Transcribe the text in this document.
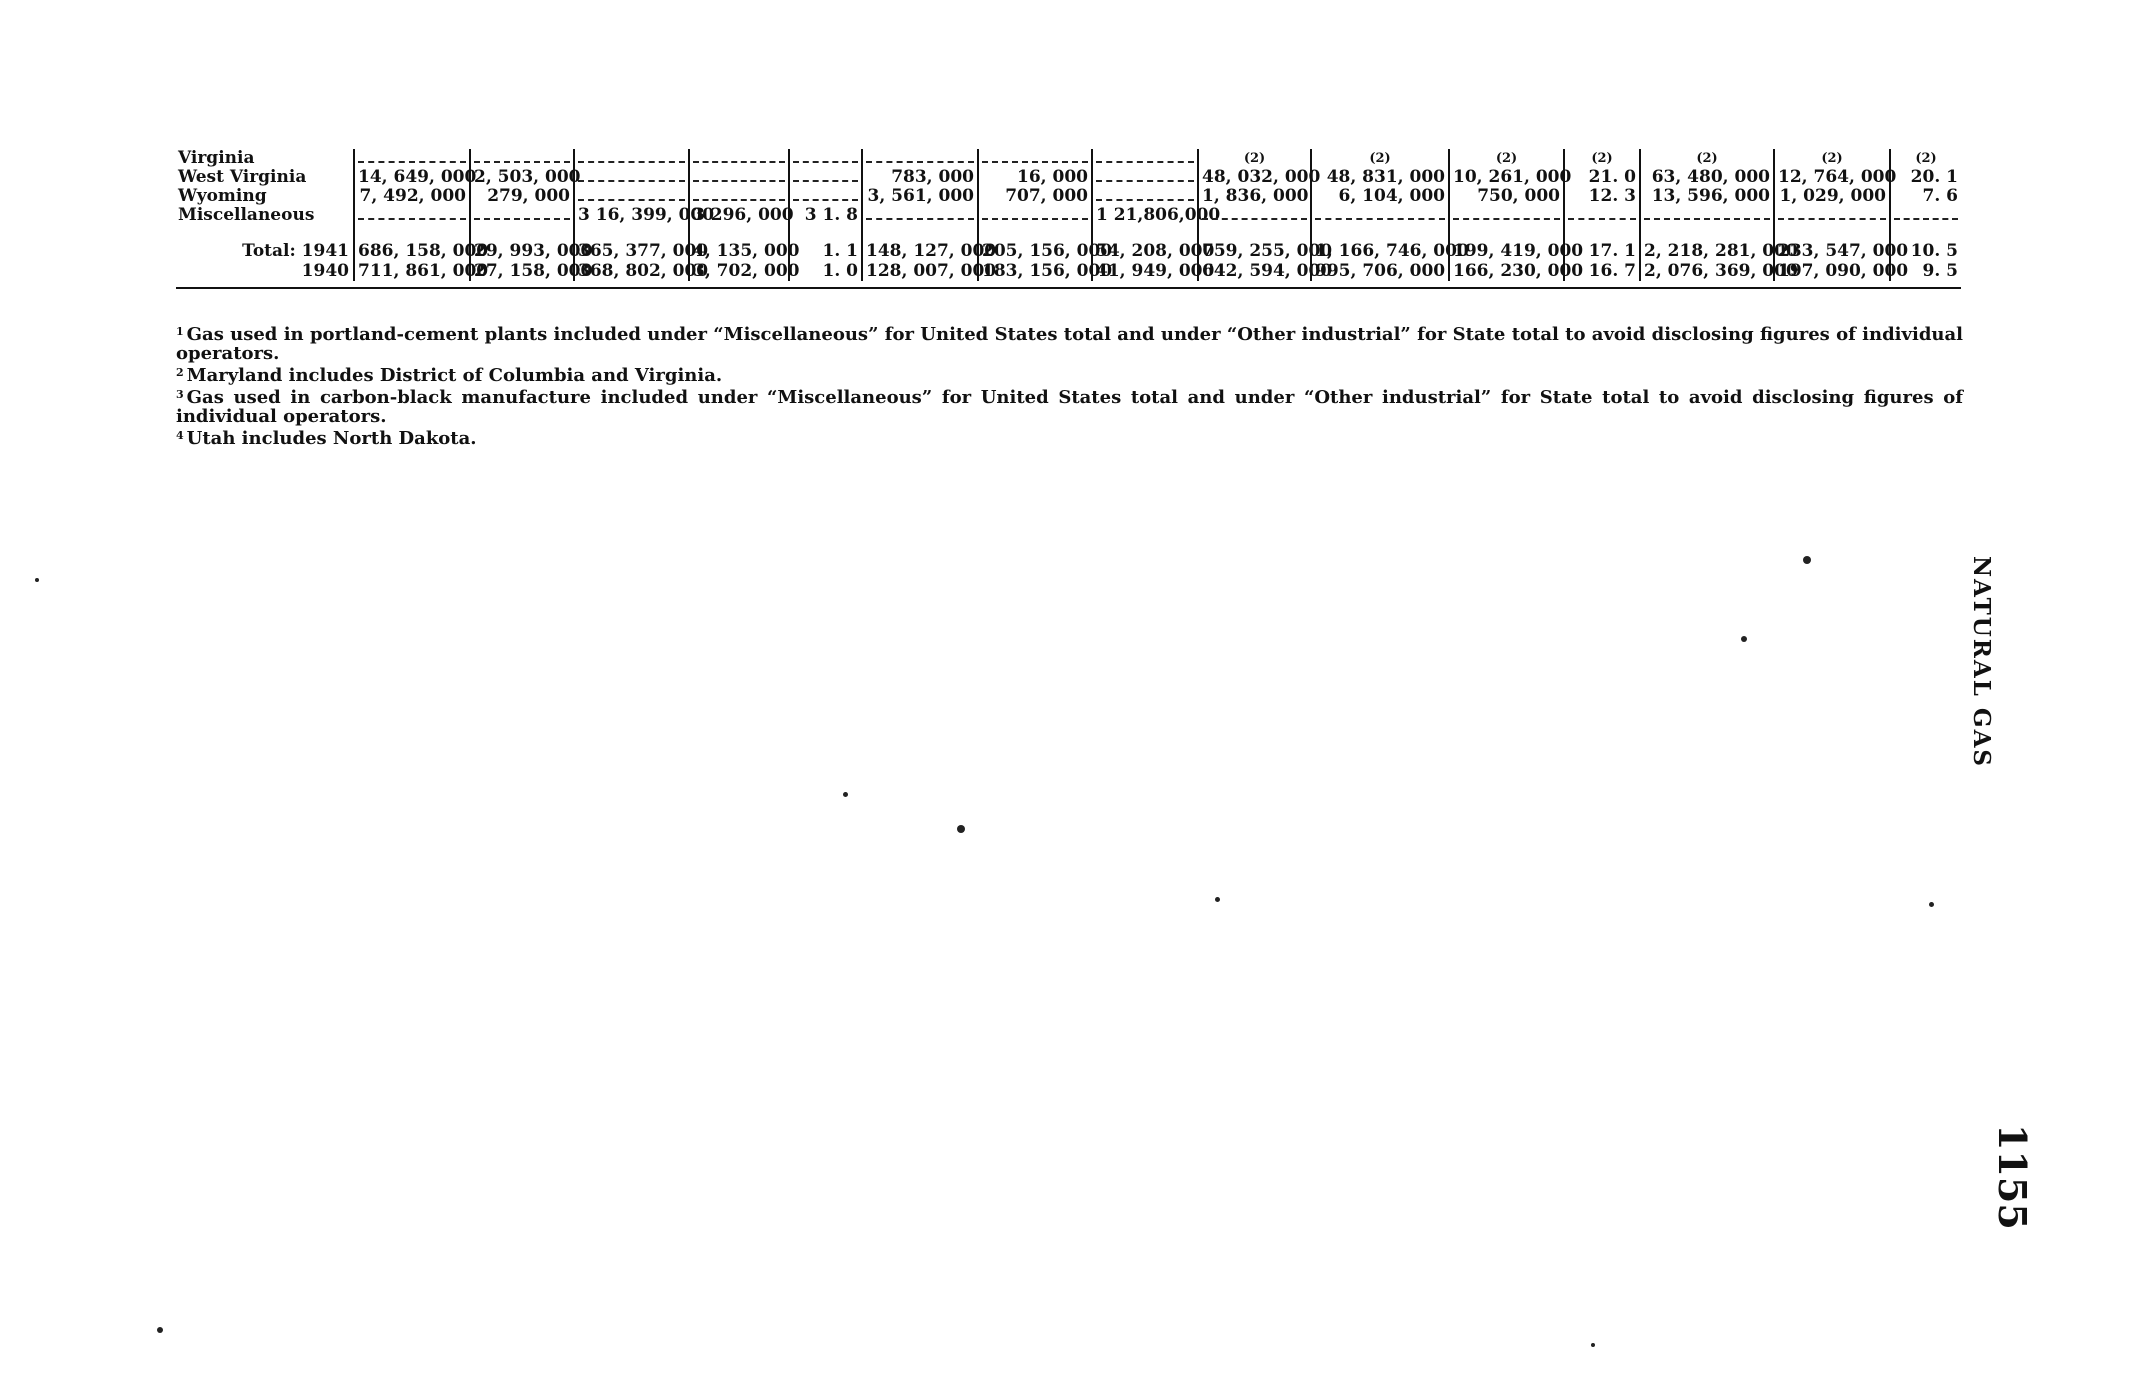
Virginia									(2)	(2)	(2)	(2)	(2)	(2)	(2)
West Virginia	14, 649, 000	2, 503, 000				783, 000	16, 000		48, 032, 000	48, 831, 000	10, 261, 000	21. 0	63, 480, 000	12, 764, 000	20. 1
Wyoming	7, 492, 000	279, 000				3, 561, 000	707, 000		1, 836, 000	6, 104, 000	750, 000	12. 3	13, 596, 000	1, 029, 000	7. 6
Miscellaneous			3 16, 399, 000	3 296, 000	3 1. 8			1 21,806,000							

Total: 1941	686, 158, 000	29, 993, 000	365, 377, 000	4, 135, 000	1. 1	148, 127, 000	205, 156, 000	54, 208, 000	759, 255, 000	1, 166, 746, 000	199, 419, 000	17. 1	2, 218, 281, 000	233, 547, 000	10. 5
1940	711, 861, 000	27, 158, 000	368, 802, 000	3, 702, 000	1. 0	128, 007, 000	183, 156, 000	41, 949, 000	642, 594, 000	995, 706, 000	166, 230, 000	16. 7	2, 076, 369, 000	197, 090, 000	9. 5

$^1$ Gas used in portland-cement plants included under “Miscellaneous” for United States total and under “Other industrial” for State total to avoid disclosing figures of individual operators.

$^2$ Maryland includes District of Columbia and Virginia.

$^3$ Gas used in carbon-black manufacture included under “Miscellaneous” for United States total and under “Other industrial” for State total to avoid disclosing figures of individual operators.

$^4$ Utah includes North Dakota.

NATURAL GAS
1155
